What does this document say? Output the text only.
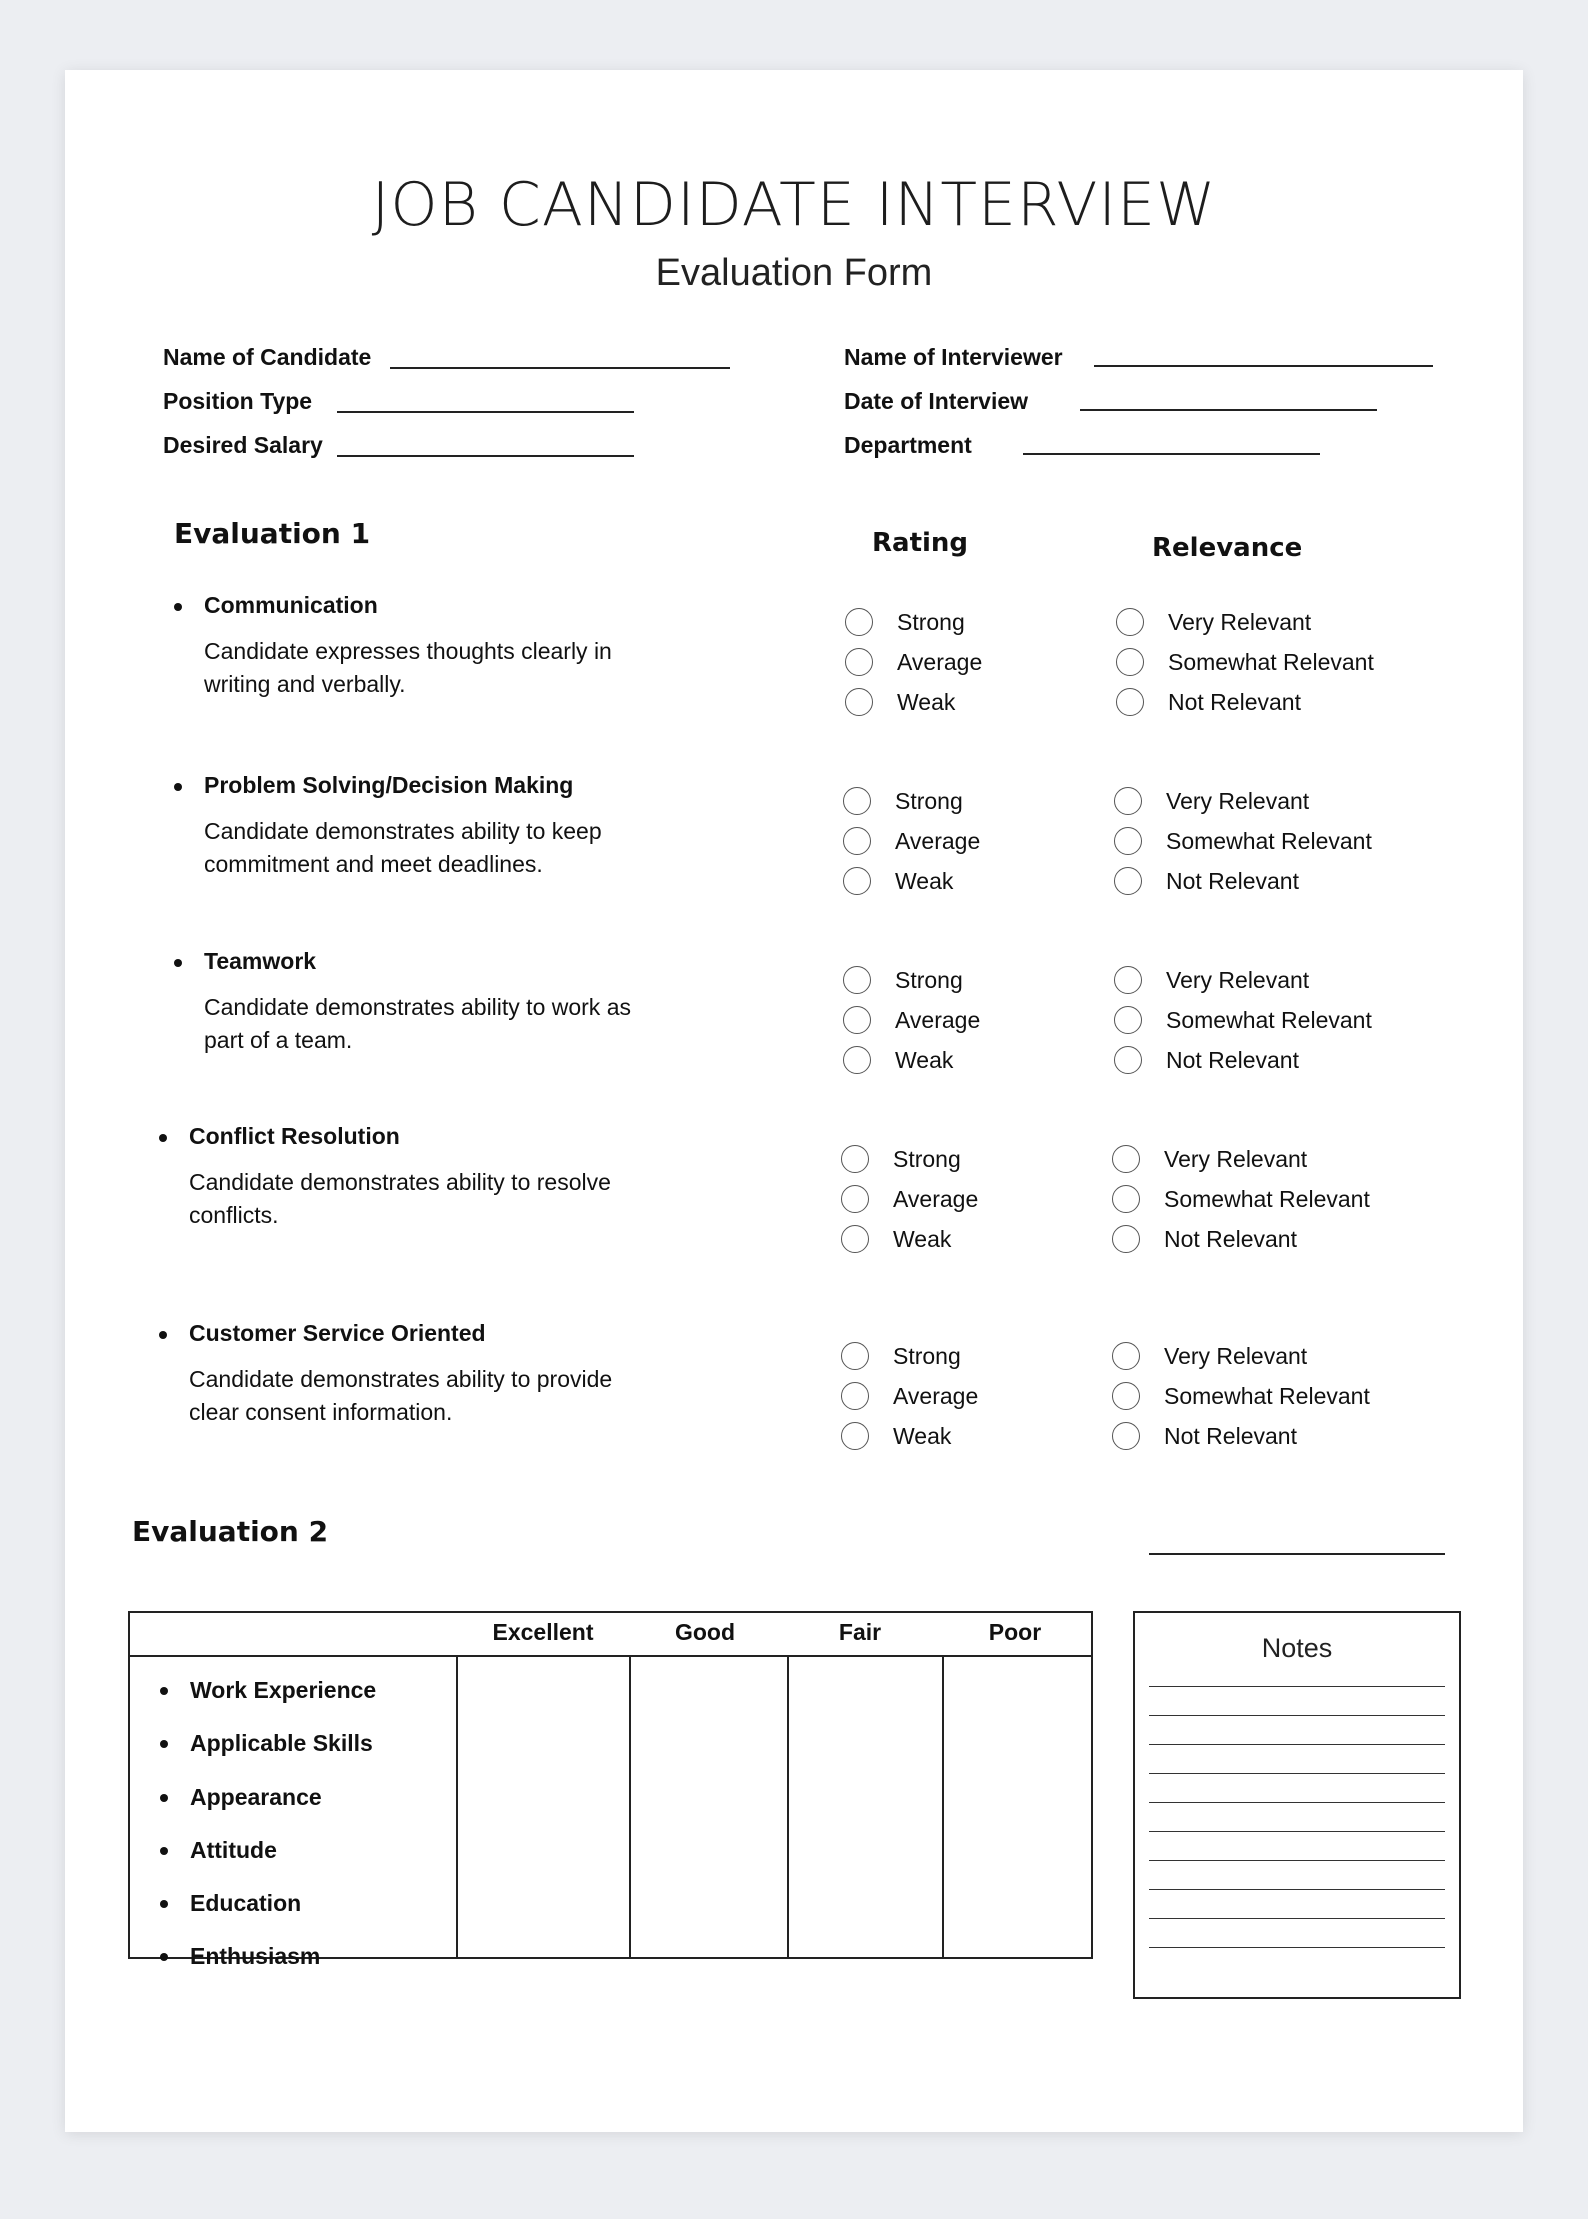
JOB CANDIDATE INTERVIEW
Evaluation Form
Name of Candidate
Position Type
Desired Salary
Name of Interviewer
Date of Interview
Department
Evaluation 1	Rating	Relevance
Communication
Candidate expresses thoughts clearly in writing and verbally.
Strong
Average
Weak
Very Relevant
Somewhat Relevant
Not Relevant
Problem Solving/Decision Making
Candidate demonstrates ability to keep commitment and meet deadlines.
Strong
Average
Weak
Very Relevant
Somewhat Relevant
Not Relevant
Teamwork
Candidate demonstrates ability to work as part of a team.
Strong
Average
Weak
Very Relevant
Somewhat Relevant
Not Relevant
Conflict Resolution
Candidate demonstrates ability to resolve conflicts.
Strong
Average
Weak
Very Relevant
Somewhat Relevant
Not Relevant
Customer Service Oriented
Candidate demonstrates ability to provide clear consent information.
Strong
Average
Weak
Very Relevant
Somewhat Relevant
Not Relevant
Evaluation 2
Excellent	Good	Fair	Poor
Work Experience
Applicable Skills
Appearance
Attitude
Education
Enthusiasm
Notes
